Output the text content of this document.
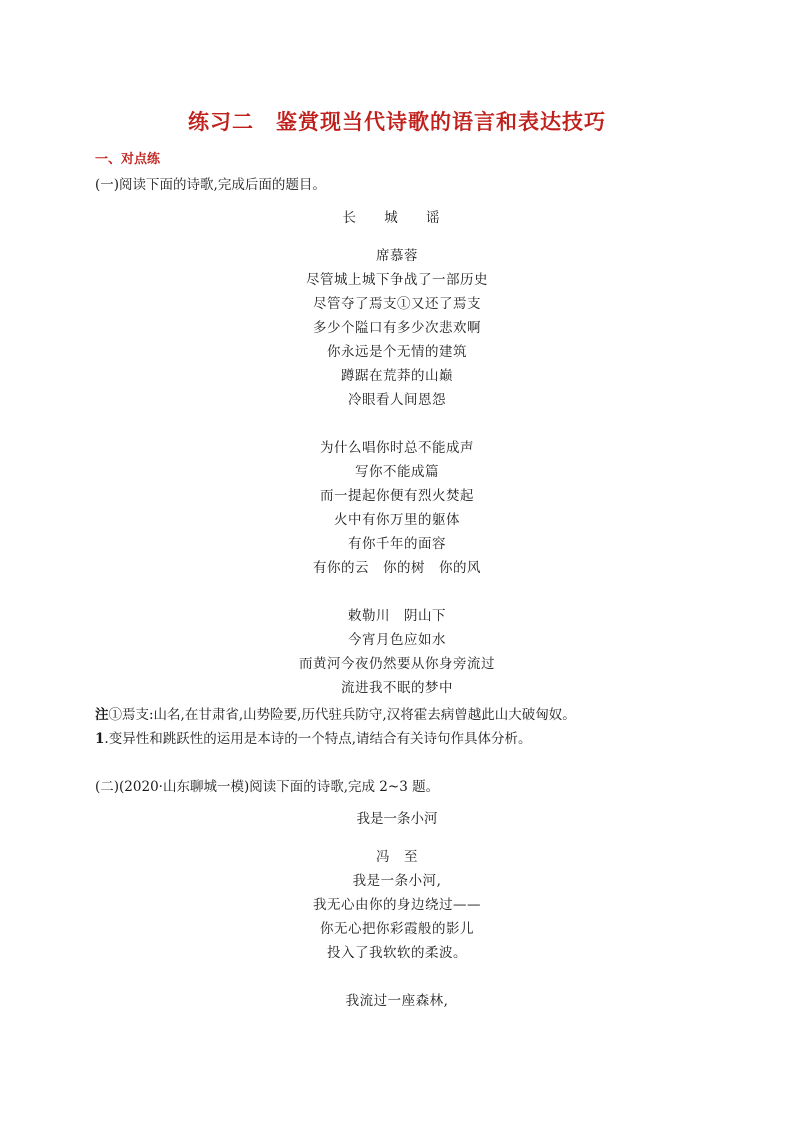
练习二　鉴赏现当代诗歌的语言和表达技巧
一、对点练
(一)阅读下面的诗歌,完成后面的题目。
长 城 谣
席慕蓉
尽管城上城下争战了一部历史
尽管夺了焉支①又还了焉支
多少个隘口有多少次悲欢啊
你永远是个无情的建筑
蹲踞在荒莽的山巅
冷眼看人间恩怨
为什么唱你时总不能成声
写你不能成篇
而一提起你便有烈火焚起
火中有你万里的躯体
有你千年的面容
有你的云　你的树　你的风
敕勒川　阴山下
今宵月色应如水
而黄河今夜仍然要从你身旁流过
流进我不眠的梦中
注①焉支:山名,在甘肃省,山势险要,历代驻兵防守,汉将霍去病曾越此山大破匈奴。
1.变异性和跳跃性的运用是本诗的一个特点,请结合有关诗句作具体分析。
(二)(2020·山东聊城一模)阅读下面的诗歌,完成 2~3 题。
我是一条小河
冯　至
我是一条小河,
我无心由你的身边绕过——
你无心把你彩霞般的影儿
投入了我软软的柔波。
我流过一座森林,
